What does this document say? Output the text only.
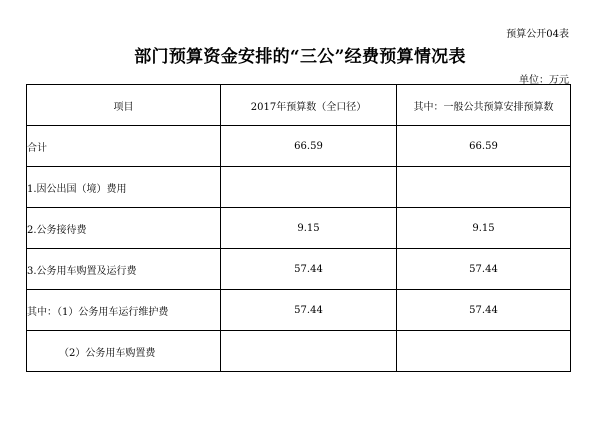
预算公开04表
部门预算资金安排的“三公”经费预算情况表
单位：万元
项目	2017年预算数（全口径）	其中：一般公共预算安排预算数
合计	66.59	66.59
1.因公出国（境）费用		
2.公务接待费	9.15	9.15
3.公务用车购置及运行费	57.44	57.44
其中：（1）公务用车运行维护费	57.44	57.44
（2）公务用车购置费		
